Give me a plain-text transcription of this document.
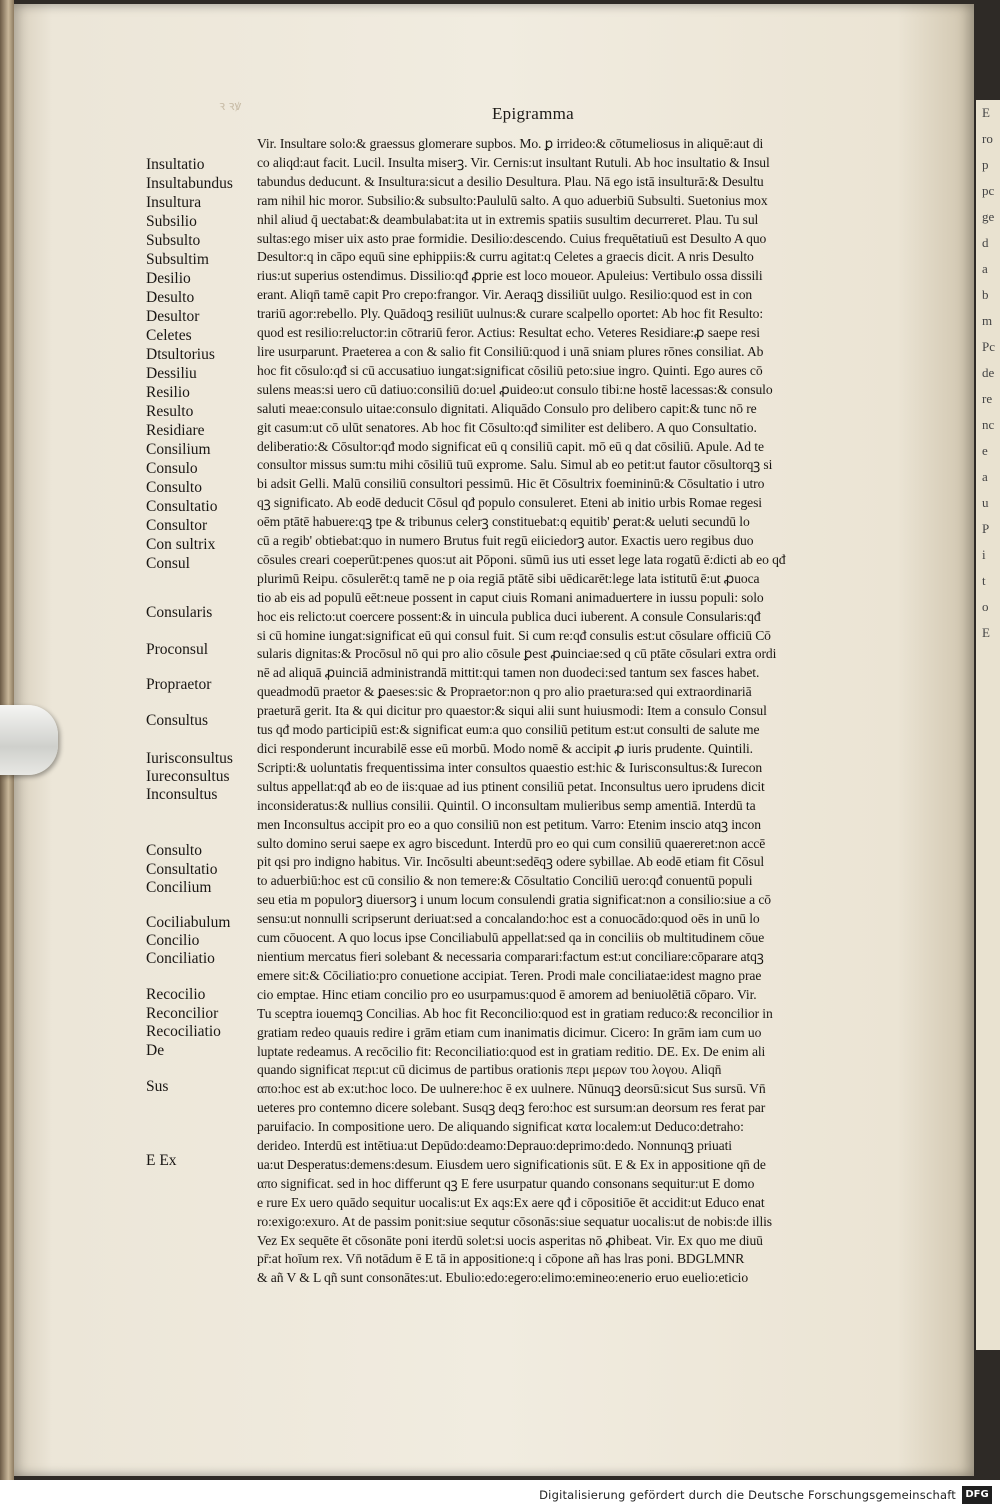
ꝛ ꝛꝟ	Epigramma
Insultatio
Insultabundus
Insultura
Subsilio
Subsulto
Subsultim
Desilio
Desulto
Desultor
Celetes
Dtsultorius
Dessiliu
Resilio
Resulto
Residiare
Consilium
Consulo
Consulto
Consultatio
Consultor
Con sultrix
Consul
Consularis
Proconsul
Propraetor
Consultus
Iurisconsultus
Iureconsultus
Inconsultus
Consulto
Consultatio
Concilium
Cociliabulum
Concilio
Conciliatio
Recocilio
Reconcilior
Recociliatio
De
Sus
E Ex
Vir. Insultare solo:& graessus glomerare supbos. Mo. ꝑ irrideo:& cōtumeliosus in aliquē:aut di
co aliqd:aut facit. Lucil. Insulta miserꝫ. Vir. Cernis:ut insultant Rutuli. Ab hoc insultatio & Insul
tabundus deducunt. & Insultura:sicut a desilio Desultura. Plau. Nā ego istā insulturā:& Desultu
ram nihil hic moror. Subsilio:& subsulto:Paululū salto. A quo aduerbiū Subsulti. Suetonius mox
nhil aliud q̄ uectabat:& deambulabat:ita ut in extremis spatiis susultim decurreret. Plau. Tu sul
sultas:ego miser uix asto prae formidie. Desilio:descendo. Cuius frequētatiuū est Desulto A quo
Desultor:q in cāpo equū sine ephippiis:& curru agitat:q Celetes a graecis dicit. A nris Desulto
rius:ut superius ostendimus. Dissilio:qđ ꝓprie est loco moueor. Apuleius: Vertibulo ossa dissili
erant. Aliqn̄ tamē capit Pro crepo:frangor. Vir. Aeraqꝫ dissiliūt uulgo. Resilio:quod est in con
trariū agor:rebello. Ply. Quādoqꝫ resiliūt uulnus:& curare scalpello oportet: Ab hoc fit Resulto:
quod est resilio:reluctor:in cōtrariū feror. Actius: Resultat echo. Veteres Residiare:ꝓ saepe resi
lire usurparunt. Praeterea a con & salio fit Consiliū:quod i unā sniam plures rōnes consiliat. Ab
hoc fit cōsulo:qđ si cū accusatiuo iungat:significat cōsiliū peto:siue ingro. Quinti. Ego aures cō
sulens meas:si uero cū datiuo:consiliū do:uel ꝓuideo:ut consulo tibi:ne hostē lacessas:& consulo
saluti meae:consulo uitae:consulo dignitati. Aliquādo Consulo pro delibero capit:& tunc nō re
git casum:ut cō ulūt senatores. Ab hoc fit Cōsulto:qđ similiter est delibero. A quo Consultatio.
deliberatio:& Cōsultor:qđ modo significat eū q consiliū capit. mō eū q dat cōsiliū. Apule. Ad te
consultor missus sum:tu mihi cōsiliū tuū exprome. Salu. Simul ab eo petit:ut fautor cōsultorqꝫ si
bi adsit Gelli. Malū consiliū consultori pessimū. Hic ēt Cōsultrix foemininū:& Cōsultatio i utro
qꝫ significato. Ab eodē deducit Cōsul qđ populo consuleret. Eteni ab initio urbis Romae regesi
oēm ptātē habuere:qꝫ tpe & tribunus celerꝫ constituebat:q equitib' ꝑerat:& ueluti secundū lo
cū a regib' obtiebat:quo in numero Brutus fuit regū eiiciedorꝫ autor. Exactis uero regibus duo
cōsules creari coeperūt:penes quos:ut ait Pōponi. sūmū ius uti esset lege lata rogatū ē:dicti ab eo qđ
plurimū Reipu. cōsulerēt:q tamē ne p oia regiā ptātē sibi uēdicarēt:lege lata istitutū ē:ut ꝓuoca
tio ab eis ad populū eēt:neue possent in caput ciuis Romani animaduertere in iussu populi: solo
hoc eis relicto:ut coercere possent:& in uincula publica duci iuberent. A consule Consularis:qđ
si cū homine iungat:significat eū qui consul fuit. Si cum re:qđ consulis est:ut cōsulare officiū Cō
sularis dignitas:& Procōsul nō qui pro alio cōsule ꝑest ꝓuinciae:sed q cū ptāte cōsulari extra ordi
nē ad aliquā ꝓuinciā administrandā mittit:qui tamen non duodeci:sed tantum sex fasces habet.
queadmodū praetor & ꝑaeses:sic & Propraetor:non q pro alio praetura:sed qui extraordinariā
praeturā gerit. Ita & qui dicitur pro quaestor:& siqui alii sunt huiusmodi: Item a consulo Consul
tus qđ modo participiū est:& significat eum:a quo consiliū petitum est:ut consulti de salute me
dici responderunt incurabilē esse eū morbū. Modo nomē & accipit ꝓ iuris prudente. Quintili.
Scripti:& uoluntatis frequentissima inter consultos quaestio est:hic & Iurisconsultus:& Iurecon
sultus appellat:qđ ab eo de iis:quae ad ius ptinent consiliū petat. Inconsultus uero iprudens dicit
inconsideratus:& nullius consilii. Quintil. O inconsultam mulieribus semp amentiā. Interdū ta
men Inconsultus accipit pro eo a quo consiliū non est petitum. Varro: Etenim inscio atqꝫ incon
sulto domino serui saepe ex agro biscedunt. Interdū pro eo qui cum consiliū quaereret:non accē
pit qsi pro indigno habitus. Vir. Incōsulti abeunt:sedēqꝫ odere sybillae. Ab eodē etiam fit Cōsul
to aduerbiū:hoc est cū consilio & non temere:& Cōsultatio Conciliū uero:qđ conuentū populi
seu etia m populorꝫ diuersorꝫ i unum locum consulendi gratia significat:non a consilio:siue a cō
sensu:ut nonnulli scripserunt deriuat:sed a concalando:hoc est a conuocādo:quod oēs in unū lo
cum cōuocent. A quo locus ipse Conciliabulū appellat:sed qa in conciliis ob multitudinem cōue
nientium mercatus fieri solebant & necessaria comparari:factum est:ut conciliare:cōparare atqꝫ
emere sit:& Cōciliatio:pro conuetione accipiat. Teren. Prodi male conciliatae:idest magno prae
cio emptae. Hinc etiam concilio pro eo usurpamus:quod ē amorem ad beniuolētiā cōparo. Vir.
Tu sceptra iouemqꝫ Concilias. Ab hoc fit Reconcilio:quod est in gratiam reduco:& reconcilior in
gratiam redeo quauis redire i grām etiam cum inanimatis dicimur. Cicero: In grām iam cum uo
luptate redeamus. A recōcilio fit: Reconciliatio:quod est in gratiam reditio. DE. Ex. De enim ali
quando significat περι:ut cū dicimus de partibus orationis περι μερων του λογου. Aliqn̄
απο:hoc est ab ex:ut:hoc loco. De uulnere:hoc ē ex uulnere. Nūnuqꝫ deorsū:sicut Sus sursū. Vn̄
ueteres pro contemno dicere solebant. Susqꝫ deqꝫ fero:hoc est sursum:an deorsum res ferat par
paruifacio. In compositione uero. De aliquando significat κατα localem:ut Deduco:detraho:
derideo. Interdū est intētiua:ut Depūdo:deamo:Deprauo:deprimo:dedo. Nonnunqꝫ priuati
ua:ut Desperatus:demens:desum. Eiusdem uero significationis sūt. E & Ex in appositione qn̄ de
απο significat. sed in hoc differunt qꝫ E fere usurpatur quando consonans sequitur:ut E domo
e rure Ex uero quādo sequitur uocalis:ut Ex aqs:Ex aere qđ i cōpositiōe ēt accidit:ut Educo enat
ro:exigo:exuro. At de passim ponit:siue sequtur cōsonās:siue sequatur uocalis:ut de nobis:de illis
Vez Ex sequēte ēt cōsonāte poni iterdū solet:si uocis asperitas nō ꝓhibeat. Vir. Ex quo me diuū
pr̄:at hoīum rex. Vn̄ notādum ē E tā in appositione:q i cōpone añ has lras poni. BDGLMNR
& añ V & L qñ sunt consonātes:ut. Ebulio:edo:egero:elimo:emineo:enerio eruo euelio:eticio
E
ro
p
pc
ge
d
a
b
m
Pc
de
re
nc
e
a
u
P
i
t
o
E
Digitalisierung gefördert durch die Deutsche Forschungsgemeinschaft DFG
